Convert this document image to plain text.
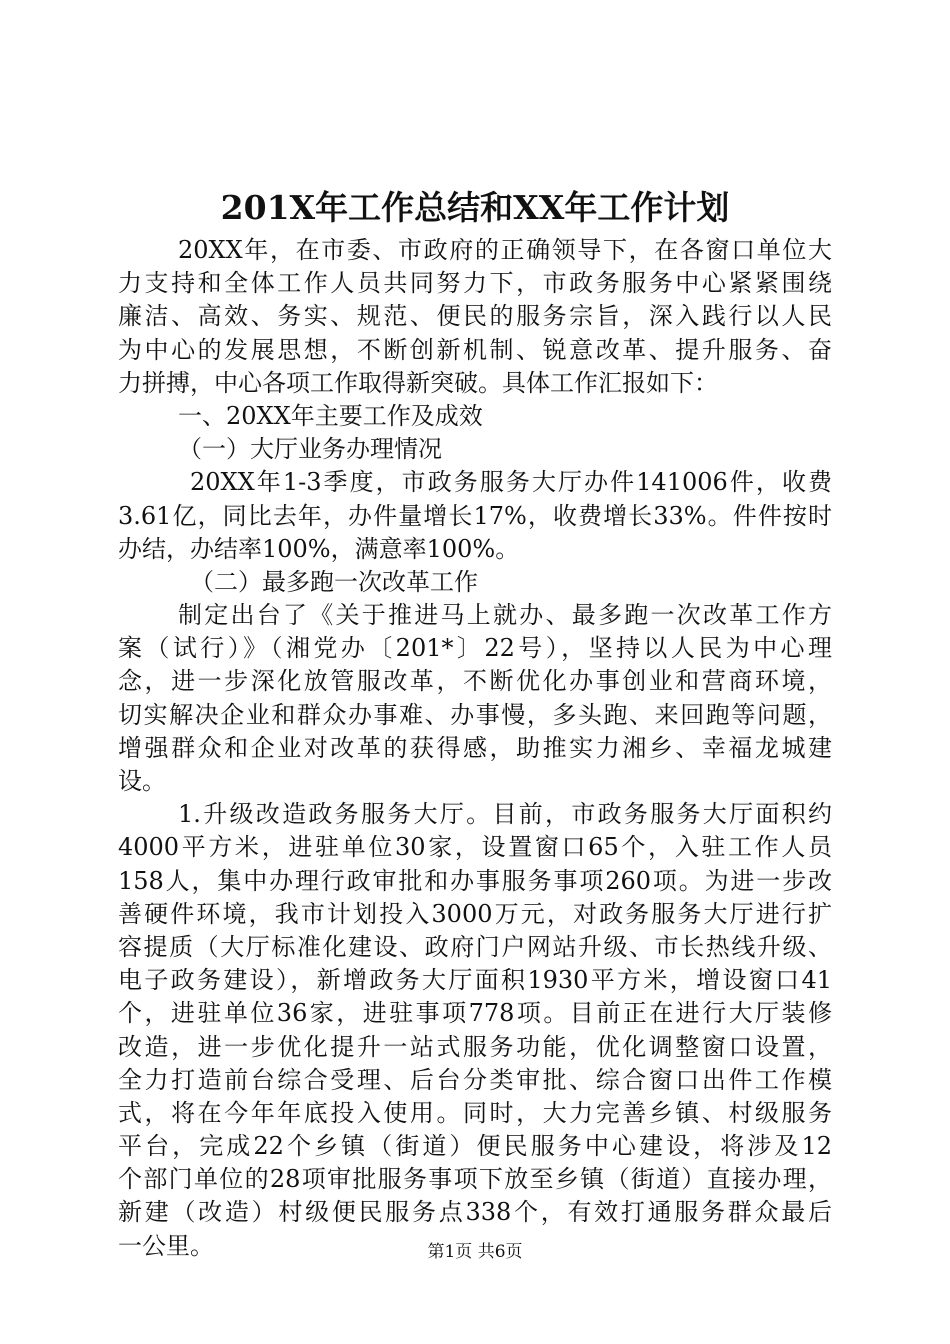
201X年工作总结和XX年工作计划
20XX年，在市委、市政府的正确领导下，在各窗口单位大
力支持和全体工作人员共同努力下，市政务服务中心紧紧围绕
廉洁、高效、务实、规范、便民的服务宗旨，深入践行以人民
为中心的发展思想，不断创新机制、锐意改革、提升服务、奋
力拼搏，中心各项工作取得新突破。具体工作汇报如下：
一、20XX年主要工作及成效
（一）大厅业务办理情况
20XX年1-3季度，市政务服务大厅办件141006件，收费
3.61亿，同比去年，办件量增长17%，收费增长33%。件件按时
办结，办结率100%，满意率100%。
（二）最多跑一次改革工作
制定出台了《关于推进马上就办、最多跑一次改革工作方
案（试行）》（湘党办〔201*〕22号），坚持以人民为中心理
念，进一步深化放管服改革，不断优化办事创业和营商环境，
切实解决企业和群众办事难、办事慢，多头跑、来回跑等问题，
增强群众和企业对改革的获得感，助推实力湘乡、幸福龙城建
设。
1.升级改造政务服务大厅。目前，市政务服务大厅面积约
4000平方米，进驻单位30家，设置窗口65个，入驻工作人员
158人，集中办理行政审批和办事服务事项260项。为进一步改
善硬件环境，我市计划投入3000万元，对政务服务大厅进行扩
容提质（大厅标准化建设、政府门户网站升级、市长热线升级、
电子政务建设），新增政务大厅面积1930平方米，增设窗口41
个，进驻单位36家，进驻事项778项。目前正在进行大厅装修
改造，进一步优化提升一站式服务功能，优化调整窗口设置，
全力打造前台综合受理、后台分类审批、综合窗口出件工作模
式，将在今年年底投入使用。同时，大力完善乡镇、村级服务
平台，完成22个乡镇（街道）便民服务中心建设，将涉及12
个部门单位的28项审批服务事项下放至乡镇（街道）直接办理，
新建（改造）村级便民服务点338个，有效打通服务群众最后
一公里。	第1页 共6页
